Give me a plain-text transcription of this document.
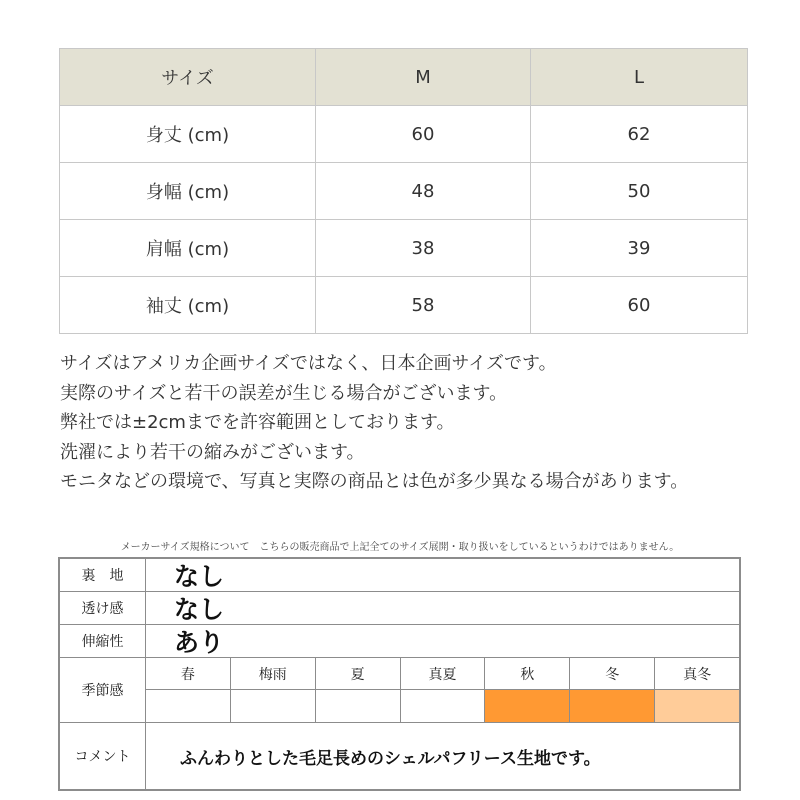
サイズ	M	L
身丈 (cm)	60	62
身幅 (cm)	48	50
肩幅 (cm)	38	39
袖丈 (cm)	58	60

サイズはアメリカ企画サイズではなく、日本企画サイズです。

実際のサイズと若干の誤差が生じる場合がございます。

弊社では±2cmまでを許容範囲としております。

洗濯により若干の縮みがございます。

モニタなどの環境で、写真と実際の商品とは色が多少異なる場合があります。

メーカーサイズ規格について　こちらの販売商品で上記全てのサイズ展開・取り扱いをしているというわけではありません。
裏　地	なし
透け感	なし
伸縮性	あり
季節感
春	梅雨	夏	真夏	秋	冬	真冬
コメント	ふんわりとした毛足長めのシェルパフリース生地です。
